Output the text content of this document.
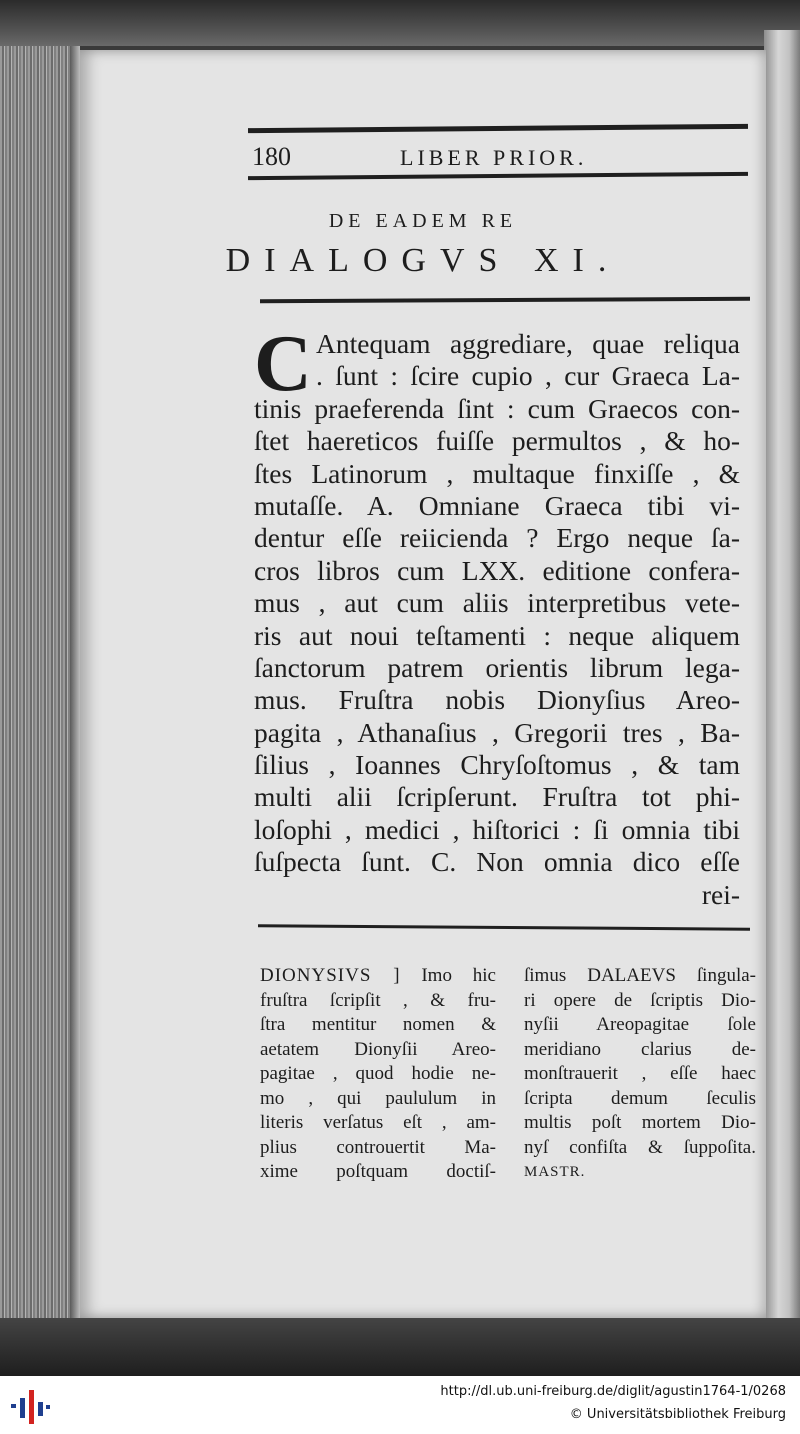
180	LIBER PRIOR.
DE EADEM RE
DIALOGVS XI.
C Antequam aggrediare, quae reliqua
. ſunt : ſcire cupio , cur Graeca La-
tinis praeferenda ſint : cum Graecos con-
ſtet haereticos fuiſſe permultos , & ho-
ſtes Latinorum , multaque finxiſſe , &
mutaſſe. A. Omniane Graeca tibi vi-
dentur eſſe reiicienda ? Ergo neque ſa-
cros libros cum LXX. editione confera-
mus , aut cum aliis interpretibus vete-
ris aut noui teſtamenti : neque aliquem
ſanctorum patrem orientis librum lega-
mus. Fruſtra nobis Dionyſius Areo-
pagita , Athanaſius , Gregorii tres , Ba-
ſilius , Ioannes Chryſoſtomus , & tam
multi alii ſcripſerunt. Fruſtra tot phi-
loſophi , medici , hiſtorici : ſi omnia tibi
ſuſpecta ſunt. C. Non omnia dico eſſe
rei-
DIONYSIVS ] Imo hic
fruſtra ſcripſit , & fru-
ſtra mentitur nomen &
aetatem Dionyſii Areo-
pagitae , quod hodie ne-
mo , qui paululum in
literis verſatus eſt , am-
plius controuertit Ma-
xime poſtquam doctiſ-
ſimus DALAEVS ſingula-
ri opere de ſcriptis Dio-
nyſii Areopagitae ſole
meridiano clarius de-
monſtrauerit , eſſe haec
ſcripta demum ſeculis
multis poſt mortem Dio-
nyſ confiſta & ſuppoſita.
MASTR.
http://dl.ub.uni-freiburg.de/diglit/agustin1764-1/0268
© Universitätsbibliothek Freiburg
